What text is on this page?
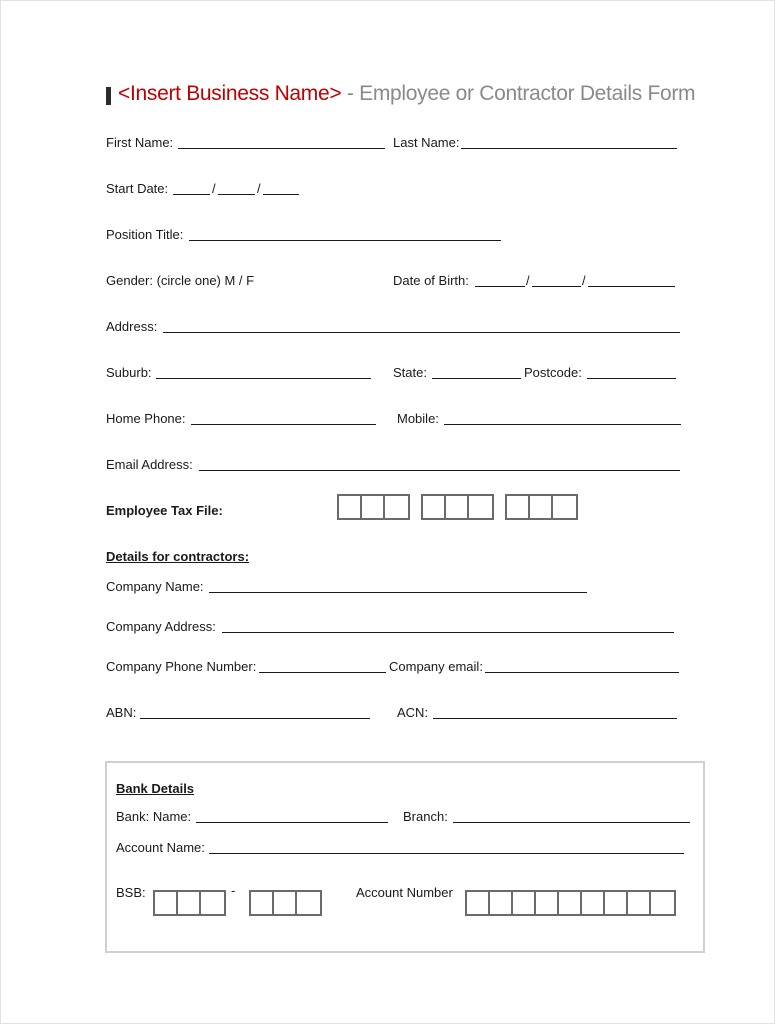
<Insert Business Name> - Employee or Contractor Details Form
First Name:	Last Name:
Start Date:	/	/
Position Title:
Gender: (circle one) M / F	Date of Birth:	/	/
Address:
Suburb:	State:	Postcode:
Home Phone:	Mobile:
Email Address:
Employee Tax File:
Details for contractors:
Company Name:
Company Address:
Company Phone Number:	Company email:
ABN:	ACN:
Bank Details
Bank: Name:	Branch:
Account Name:
BSB:	-	Account Number
